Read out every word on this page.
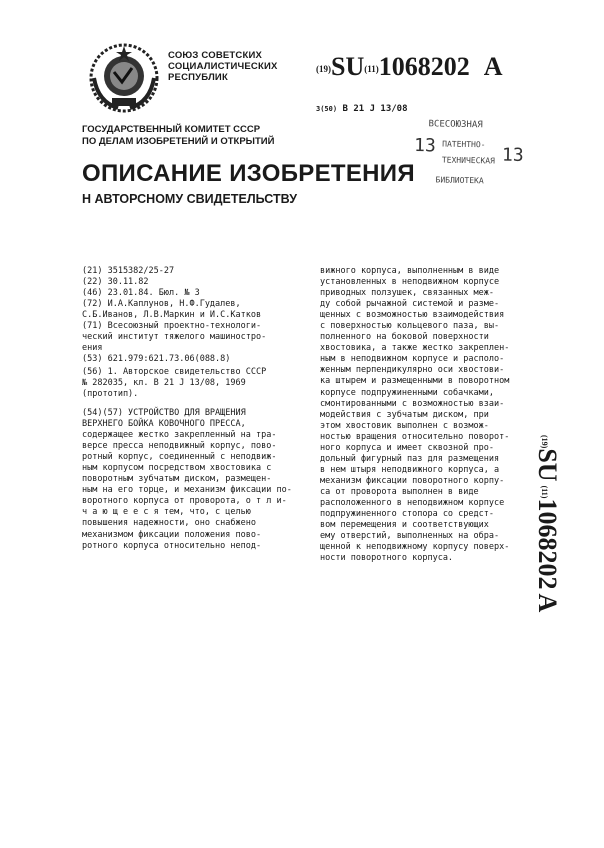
СОЮЗ СОВЕТСКИХ
СОЦИАЛИСТИЧЕСКИХ
РЕСПУБЛИК
(19)SU(11)1068202 A
3(50) В 21 J 13/08
ГОСУДАРСТВЕННЫЙ КОМИТЕТ СССР
ПО ДЕЛАМ ИЗОБРЕТЕНИЙ И ОТКРЫТИЙ
ВСЕСОЮЗНАЯ
13 ПАТЕНТНО-
ТЕХНИЧЕСКАЯ 13
БИБЛИОТЕКА
ОПИСАНИЕ ИЗОБРЕТЕНИЯ
Н АВТОРСНОМУ СВИДЕТЕЛЬСТВУ
(21) 3515382/25-27
(22) 30.11.82
(46) 23.01.84. Бюл. № 3
(72) И.А.Каплунов, Н.Ф.Гудалев,
С.Б.Иванов, Л.В.Маркин и И.С.Катков
(71) Всесоюзный проектно-технологи-
ческий институт тяжелого машиностро-
ения
(53) 621.979:621.73.06(088.8)
(56) 1. Авторское свидетельство СССР
№ 282035, кл. В 21 J 13/08, 1969
(прототип).
(54)(57) УСТРОЙСТВО ДЛЯ ВРАЩЕНИЯ
ВЕРХНЕГО БОЙКА КОВОЧНОГО ПРЕССА,
содержащее жестко закрепленный на тра-
версе пресса неподвижный корпус, пово-
ротный корпус, соединенный с неподвиж-
ным корпусом посредством хвостовика с
поворотным зубчатым диском, размещен-
ным на его торце, и механизм фиксации по-
воротного корпуса от проворота, о т л и-
ч а ю щ е е с я тем, что, с целью
повышения надежности, оно снабжено
механизмом фиксации положения пово-
ротного корпуса относительно непод-
вижного корпуса, выполненным в виде
установленных в неподвижном корпусе
приводных ползушек, связанных меж-
ду собой рычажной системой и разме-
щенных с возможностью взаимодействия
с поверхностью кольцевого паза, вы-
полненного на боковой поверхности
хвостовика, а также жестко закреплен-
ным в неподвижном корпусе и располо-
женным перпендикулярно оси хвостови-
ка штырем и размещенными в поворотном
корпусе подпружиненными собачками,
смонтированными с возможностью взаи-
модействия с зубчатым диском, при
этом хвостовик выполнен с возмож-
ностью вращения относительно поворот-
ного корпуса и имеет сквозной про-
дольный фигурный паз для размещения
в нем штыря неподвижного корпуса, а
механизм фиксации поворотного корпу-
са от проворота выполнен в виде
расположенного в неподвижном корпусе
подпружиненного стопора со средст-
вом перемещения и соответствующих
ему отверстий, выполненных на обра-
щенной к неподвижному корпусу поверх-
ности поворотного корпуса.
(19)SU (11)1068202 A
